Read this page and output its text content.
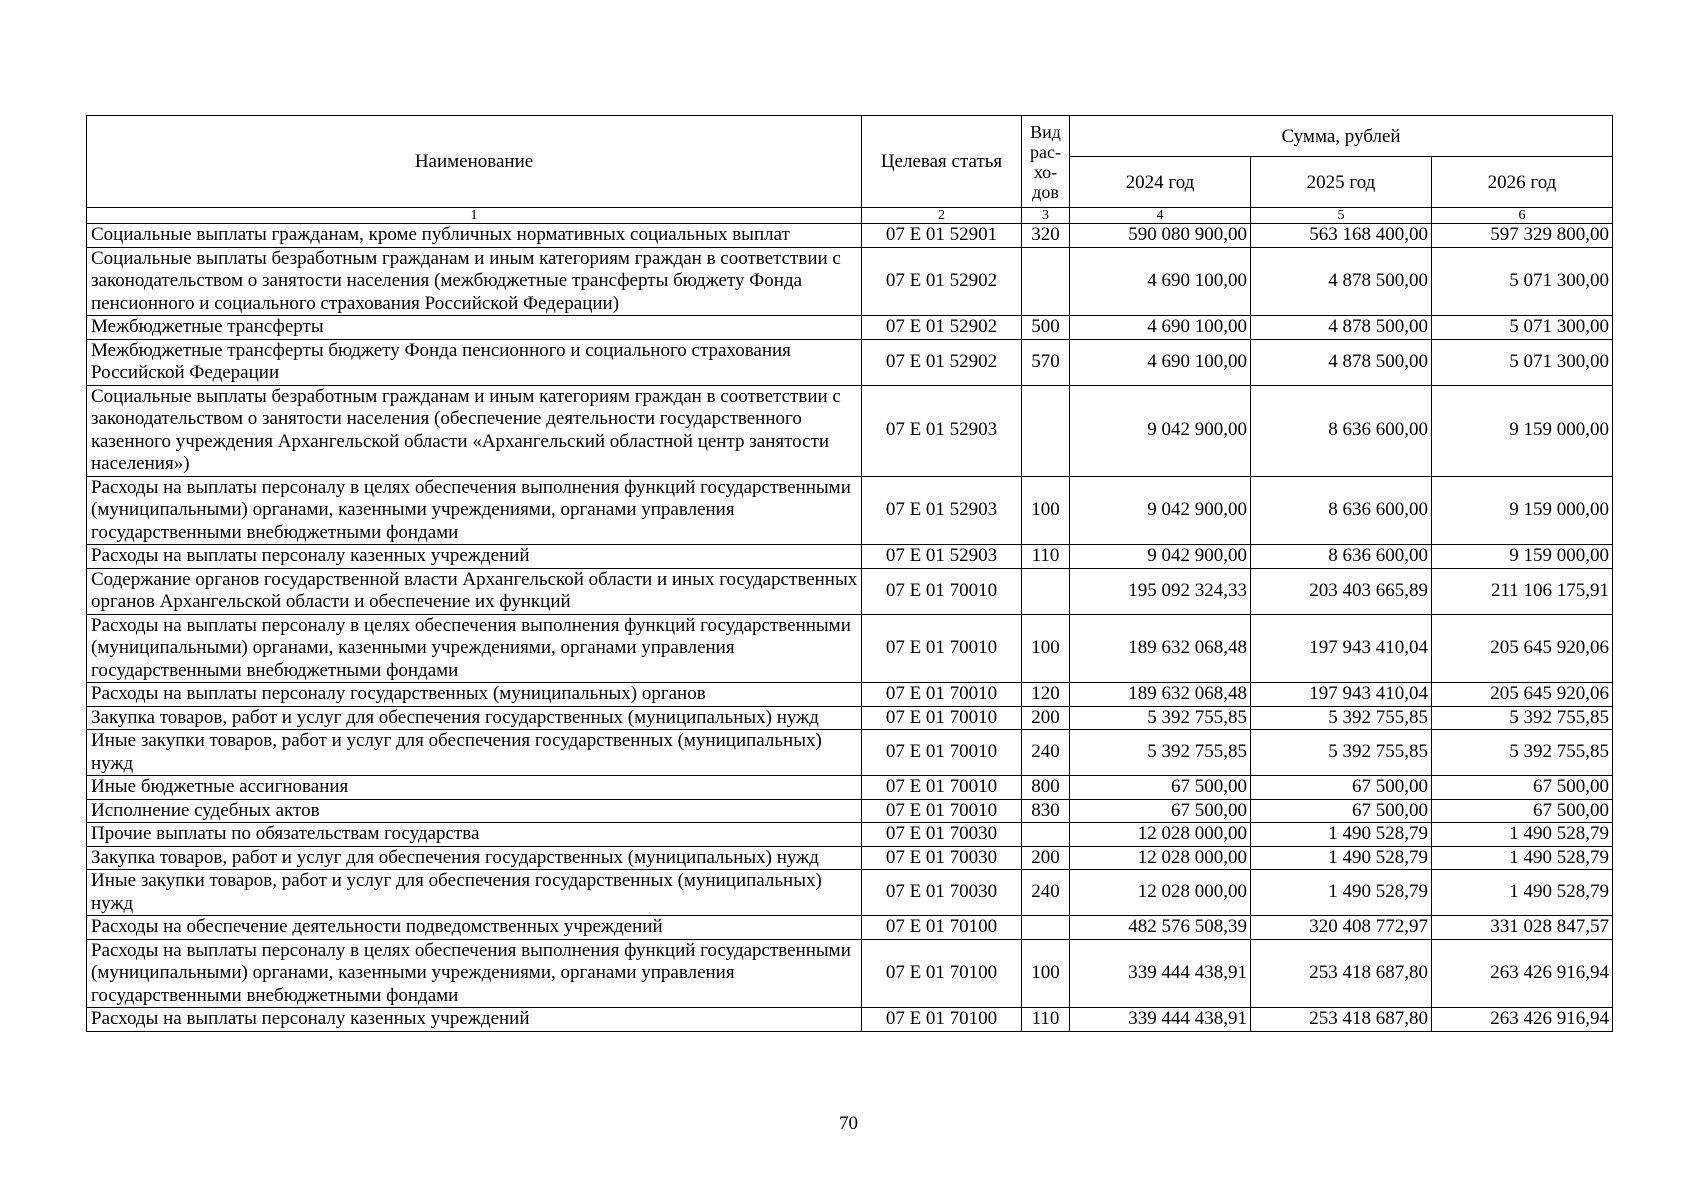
Наименование	Целевая статья	Вид рас-хо-дов	Сумма, рублей		
			2024 год	2025 год	2026 год
1	2	3	4	5	6
Социальные выплаты гражданам, кроме публичных нормативных социальных выплат	07 Е 01 52901	320	590 080 900,00	563 168 400,00	597 329 800,00
Социальные выплаты безработным гражданам и иным категориям граждан в соответствии с законодательством о занятости населения (межбюджетные трансферты бюджету Фонда пенсионного и социального страхования Российской Федерации)	07 Е 01 52902		4 690 100,00	4 878 500,00	5 071 300,00
Межбюджетные трансферты	07 Е 01 52902	500	4 690 100,00	4 878 500,00	5 071 300,00
Межбюджетные трансферты бюджету Фонда пенсионного и социального страхования Российской Федерации	07 Е 01 52902	570	4 690 100,00	4 878 500,00	5 071 300,00
Социальные выплаты безработным гражданам и иным категориям граждан в соответствии с законодательством о занятости населения (обеспечение деятельности государственного казенного учреждения Архангельской области «Архангельский областной центр занятости населения»)	07 Е 01 52903		9 042 900,00	8 636 600,00	9 159 000,00
Расходы на выплаты персоналу в целях обеспечения выполнения функций государственными (муниципальными) органами, казенными учреждениями, органами управления государственными внебюджетными фондами	07 Е 01 52903	100	9 042 900,00	8 636 600,00	9 159 000,00
Расходы на выплаты персоналу казенных учреждений	07 Е 01 52903	110	9 042 900,00	8 636 600,00	9 159 000,00
Содержание органов государственной власти Архангельской области и иных государственных органов Архангельской области и обеспечение их функций	07 Е 01 70010		195 092 324,33	203 403 665,89	211 106 175,91
Расходы на выплаты персоналу в целях обеспечения выполнения функций государственными (муниципальными) органами, казенными учреждениями, органами управления государственными внебюджетными фондами	07 Е 01 70010	100	189 632 068,48	197 943 410,04	205 645 920,06
Расходы на выплаты персоналу государственных (муниципальных) органов	07 Е 01 70010	120	189 632 068,48	197 943 410,04	205 645 920,06
Закупка товаров, работ и услуг для обеспечения государственных (муниципальных) нужд	07 Е 01 70010	200	5 392 755,85	5 392 755,85	5 392 755,85
Иные закупки товаров, работ и услуг для обеспечения государственных (муниципальных) нужд	07 Е 01 70010	240	5 392 755,85	5 392 755,85	5 392 755,85
Иные бюджетные ассигнования	07 Е 01 70010	800	67 500,00	67 500,00	67 500,00
Исполнение судебных актов	07 Е 01 70010	830	67 500,00	67 500,00	67 500,00
Прочие выплаты по обязательствам государства	07 Е 01 70030		12 028 000,00	1 490 528,79	1 490 528,79
Закупка товаров, работ и услуг для обеспечения государственных (муниципальных) нужд	07 Е 01 70030	200	12 028 000,00	1 490 528,79	1 490 528,79
Иные закупки товаров, работ и услуг для обеспечения государственных (муниципальных) нужд	07 Е 01 70030	240	12 028 000,00	1 490 528,79	1 490 528,79
Расходы на обеспечение деятельности подведомственных учреждений	07 Е 01 70100		482 576 508,39	320 408 772,97	331 028 847,57
Расходы на выплаты персоналу в целях обеспечения выполнения функций государственными (муниципальными) органами, казенными учреждениями, органами управления государственными внебюджетными фондами	07 Е 01 70100	100	339 444 438,91	253 418 687,80	263 426 916,94
Расходы на выплаты персоналу казенных учреждений	07 Е 01 70100	110	339 444 438,91	253 418 687,80	263 426 916,94
70
